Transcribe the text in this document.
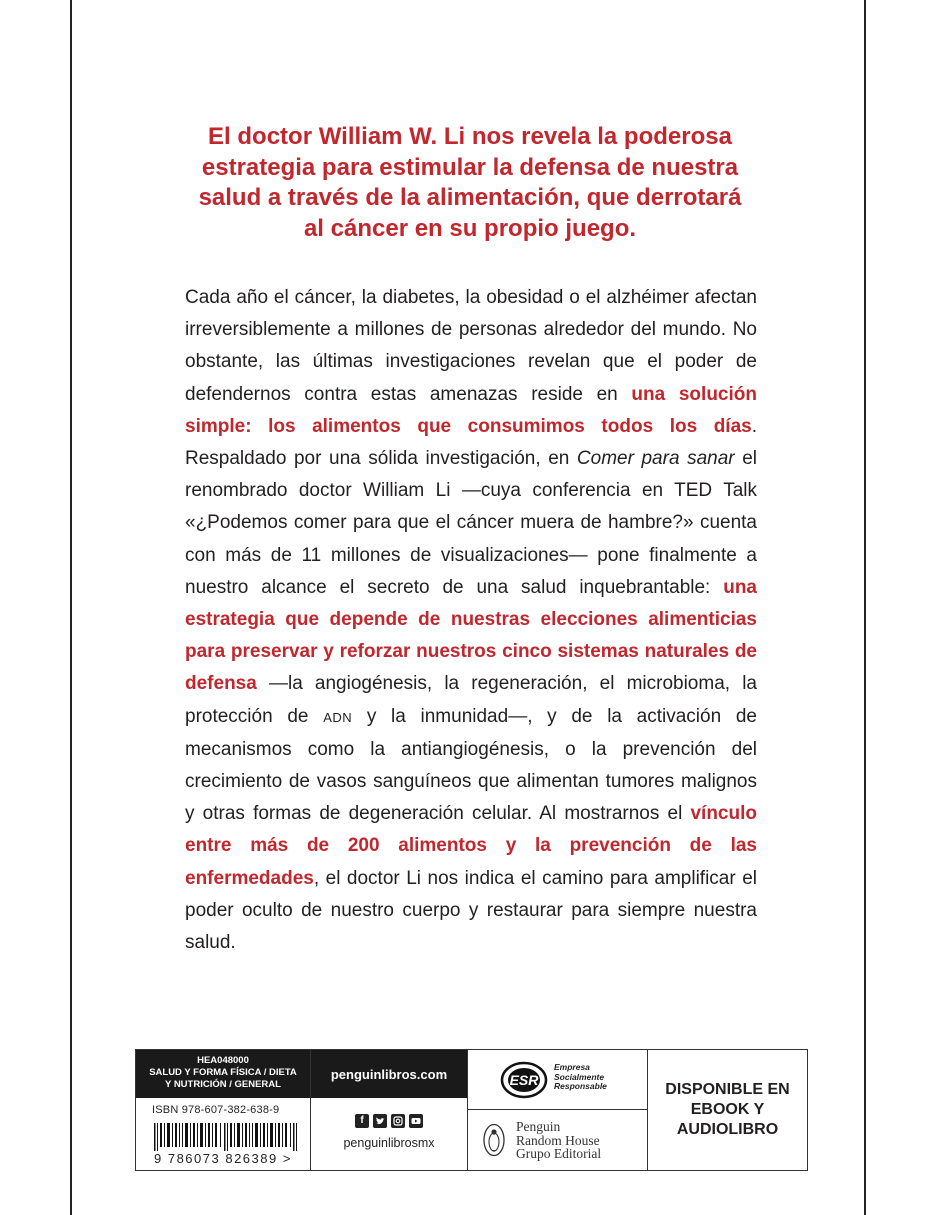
El doctor William W. Li nos revela la poderosa
estrategia para estimular la defensa de nuestra
salud a través de la alimentación, que derrotará
al cáncer en su propio juego.
Cada año el cáncer, la diabetes, la obesidad o el alzhéimer afectan irreversiblemente a millones de personas alrededor del mundo. No obstante, las últimas investigaciones revelan que el poder de defendernos contra estas amenazas reside en una solución simple: los alimentos que consumimos todos los días. Respaldado por una sólida investigación, en Comer para sanar el renombrado doctor William Li —cuya conferencia en TED Talk «¿Podemos comer para que el cáncer muera de hambre?» cuenta con más de 11 millones de visualizaciones— pone finalmente a nuestro alcance el secreto de una salud inquebrantable: una estrategia que depende de nuestras elecciones alimenticias para preservar y reforzar nuestros cinco sistemas naturales de defensa —la angiogénesis, la regeneración, el microbioma, la protección de ADN y la inmunidad—, y de la activación de mecanismos como la antiangiogénesis, o la prevención del crecimiento de vasos sanguíneos que alimentan tumores malignos y otras formas de degeneración celular. Al mostrarnos el vínculo entre más de 200 alimentos y la prevención de las enfermedades, el doctor Li nos indica el camino para amplificar el poder oculto de nuestro cuerpo y restaurar para siempre nuestra salud.
HEA048000
SALUD Y FORMA FÍSICA / DIETA
Y NUTRICIÓN / GENERAL
ISBN 978-607-382-638-9
9 786073 826389 >
penguinlibros.com
f
penguinlibrosmx
ESR
Empresa
Socialmente
Responsable
Penguin
Random House
Grupo Editorial
DISPONIBLE EN
EBOOK Y AUDIOLIBRO
